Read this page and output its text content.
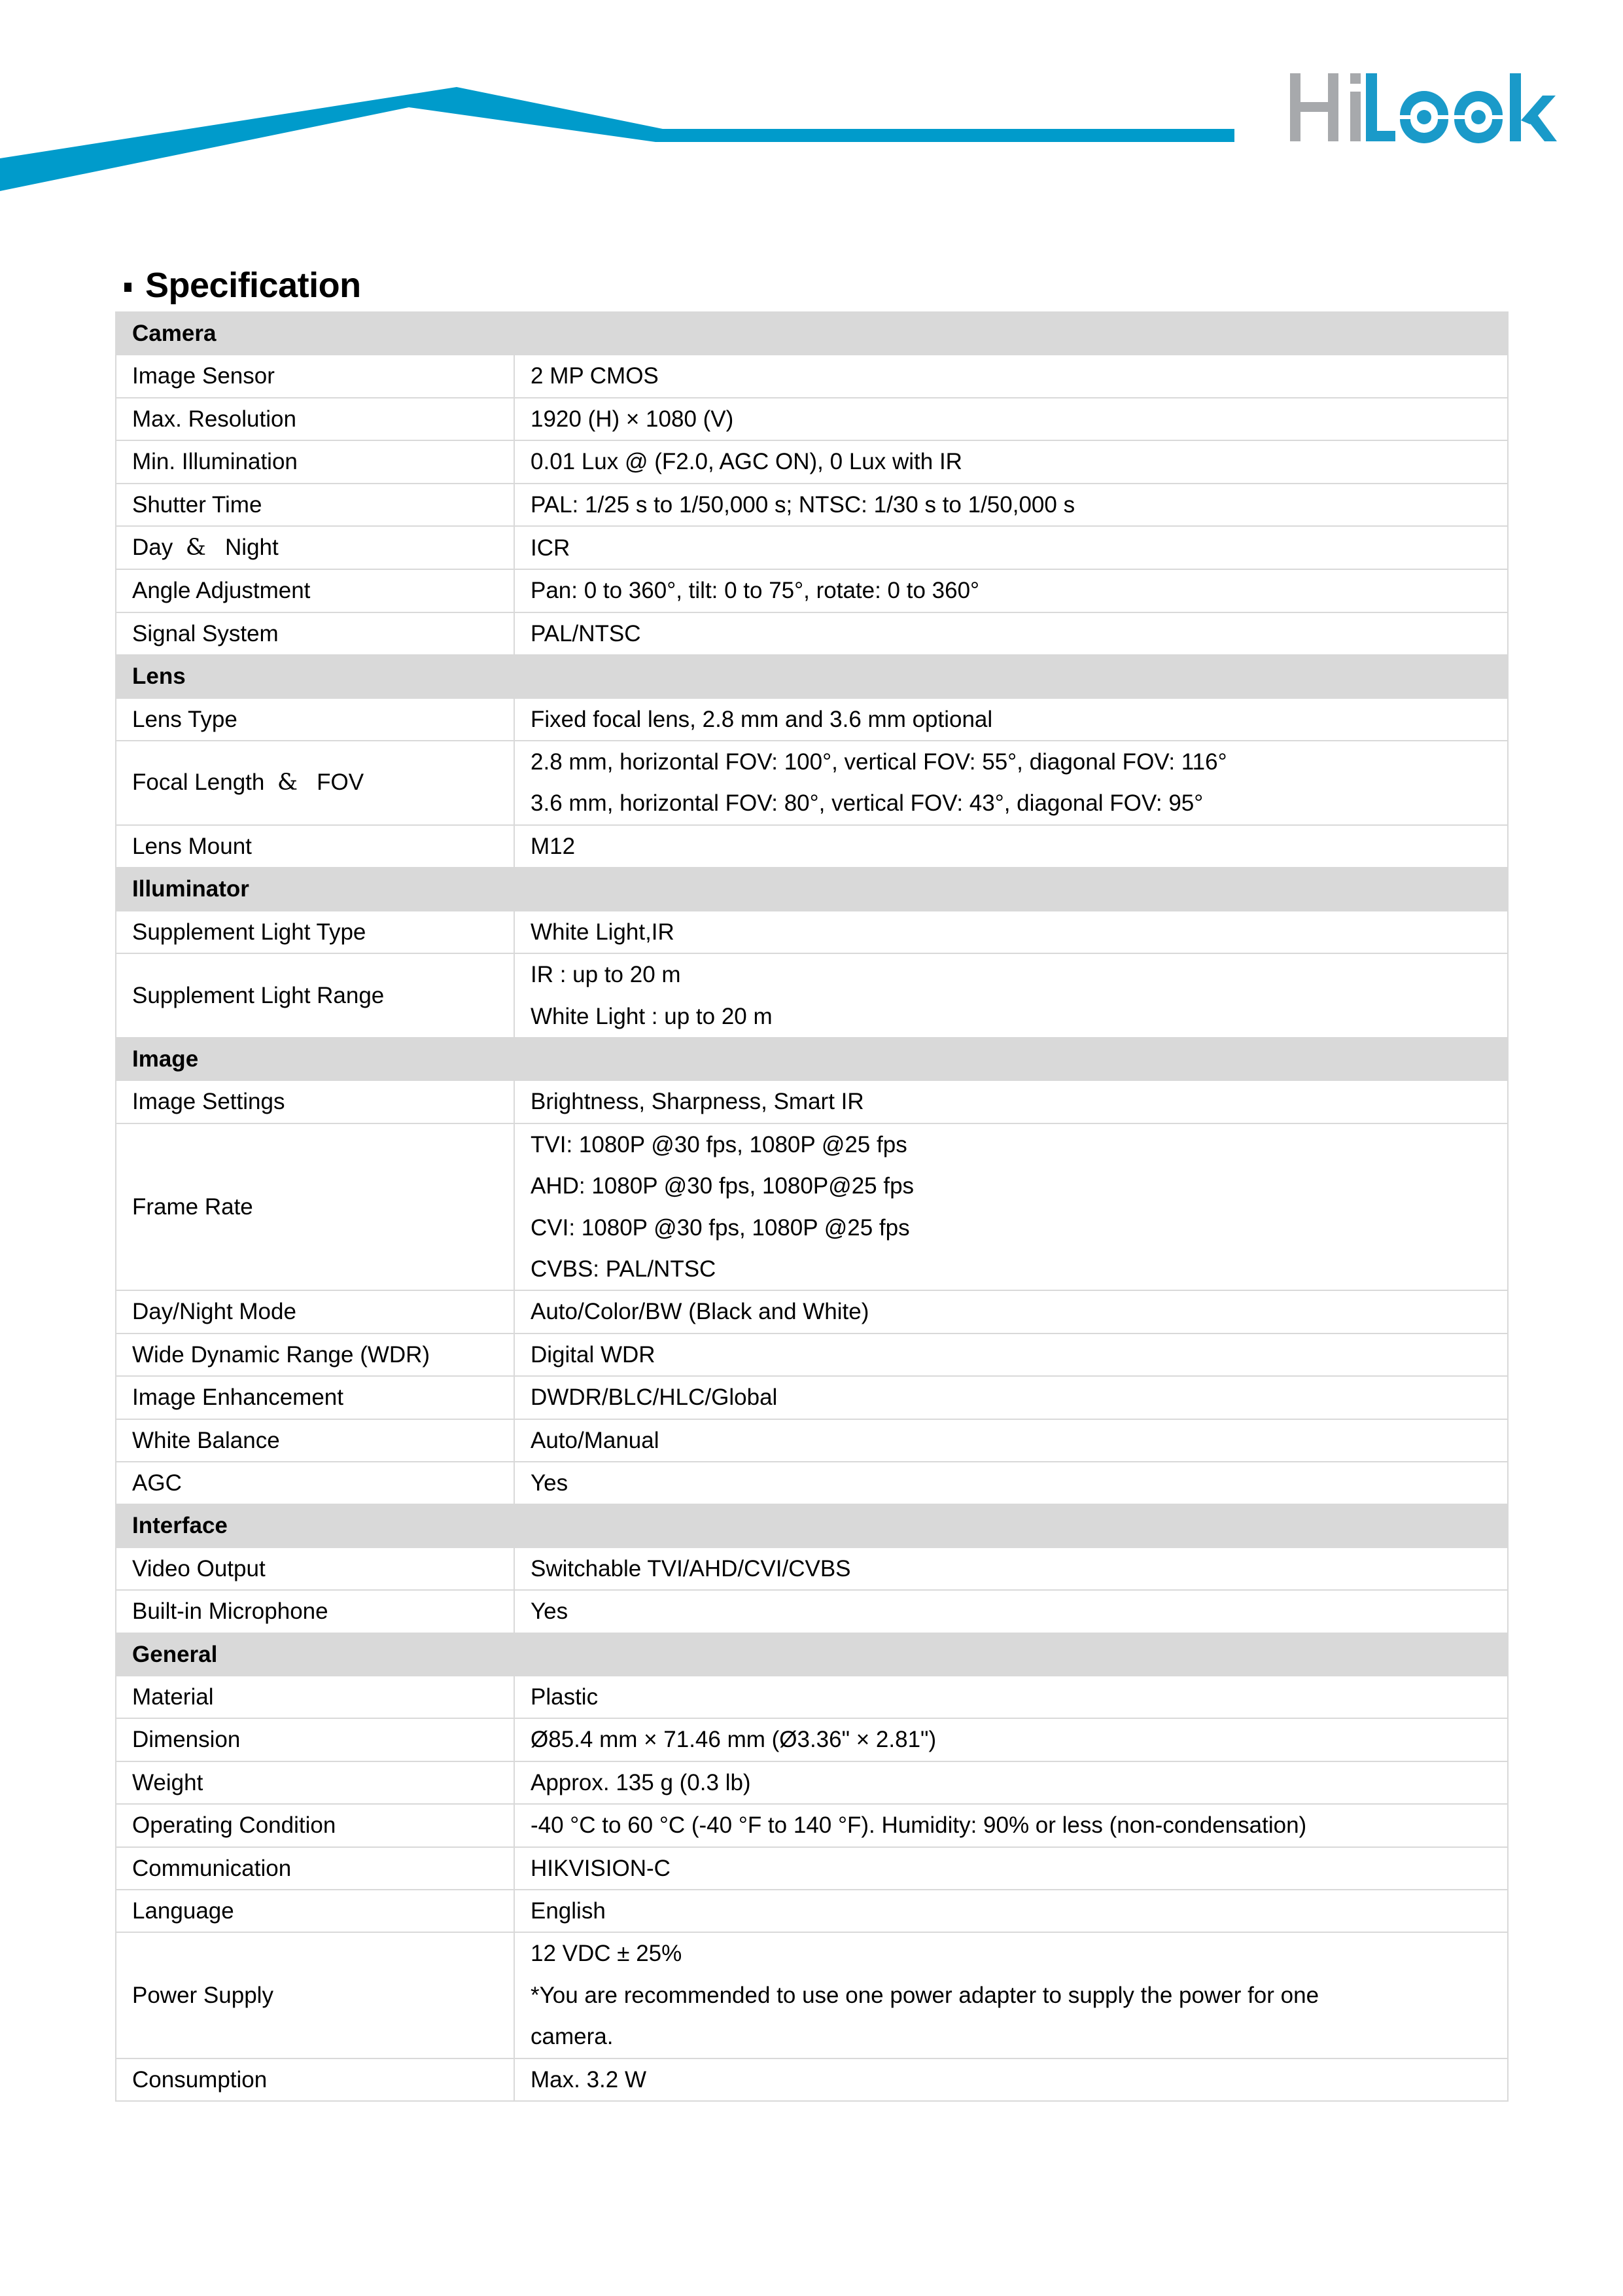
Specification
Camera	
Image Sensor	2 MP CMOS

Max. Resolution	1920 (H) × 1080 (V)

Min. Illumination	0.01 Lux @ (F2.0, AGC ON), 0 Lux with IR

Shutter Time	PAL: 1/25 s to 1/50,000 s; NTSC: 1/30 s to 1/50,000 s

Day  &   Night	ICR

Angle Adjustment	Pan: 0 to 360°, tilt: 0 to 75°, rotate: 0 to 360°

Signal System	PAL/NTSC

Lens	
Lens Type	Fixed focal lens, 2.8 mm and 3.6 mm optional

Focal Length  &   FOV	2.8 mm, horizontal FOV: 100°, vertical FOV: 55°, diagonal FOV: 116°
3.6 mm, horizontal FOV: 80°, vertical FOV: 43°, diagonal FOV: 95°

Lens Mount	M12

Illuminator	
Supplement Light Type	White Light,IR

Supplement Light Range	IR : up to 20 m
White Light : up to 20 m

Image	
Image Settings	Brightness, Sharpness, Smart IR

Frame Rate	TVI: 1080P @30 fps, 1080P @25 fps
AHD: 1080P @30 fps, 1080P@25 fps
CVI: 1080P @30 fps, 1080P @25 fps
CVBS: PAL/NTSC

Day/Night Mode	Auto/Color/BW (Black and White)

Wide Dynamic Range (WDR)	Digital WDR

Image Enhancement	DWDR/BLC/HLC/Global

White Balance	Auto/Manual

AGC	Yes

Interface	
Video Output	Switchable TVI/AHD/CVI/CVBS

Built-in Microphone	Yes

General	
Material	Plastic

Dimension	Ø85.4 mm × 71.46 mm (Ø3.36" × 2.81")

Weight	Approx. 135 g (0.3 lb)

Operating Condition	-40 °C to 60 °C (-40 °F to 140 °F). Humidity: 90% or less (non-condensation)

Communication	HIKVISION-C

Language	English

Power Supply	12 VDC ± 25%
*You are recommended to use one power adapter to supply the power for one
camera.

Consumption	Max. 3.2 W
